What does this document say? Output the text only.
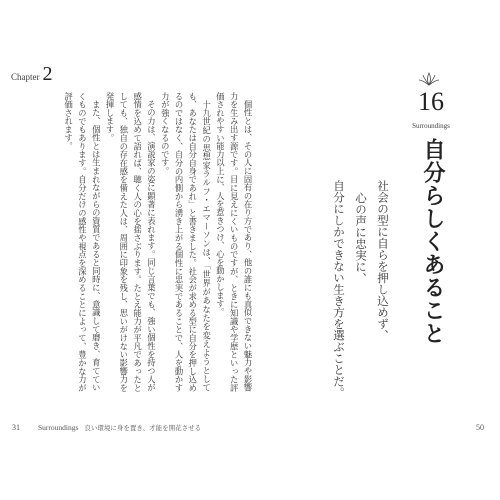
Chapter 2

個性とは、その人に固有の在り方であり、他の誰にも真似できない魅力や影響力を生み出す源です。目に見えにくいものですが、ときに知識や学歴といった評価されやすい能力以上に、人を惹きつけ、心を動かします。

十九世紀の思想家ラルフ・エマーソンは、「世界があなたを変えようとしても、あなたは自分自身であれ」と書きました。社会が求める型に自分を押し込めるのではなく、自分の内側から湧き上がる個性に忠実であることで、人を動かす力が強くなるのです。

その力は、演説家の姿に顕著に表れます。同じ言葉でも、強い個性を持つ人が感情を込めて語れば、聴く人の心を揺さぶります。たとえ能力が平凡であったとしても、独自の存在感を備えた人は、周囲に印象を残し、思いがけない影響力を発揮します。

また、個性とは生まれながらの資質であると同時に、意識して磨き、育てていくものでもあります。自分だけの感性や視点を深めることによって、豊かな力が評価されます。	16
Surroundings
自分らしくあること
社会の型に自らを押し込めず、
心の声に忠実に、
自分にしかできない生き方を選ぶことだ。
31 Surroundings 良い環境に身を置き、才能を開花させる	50
